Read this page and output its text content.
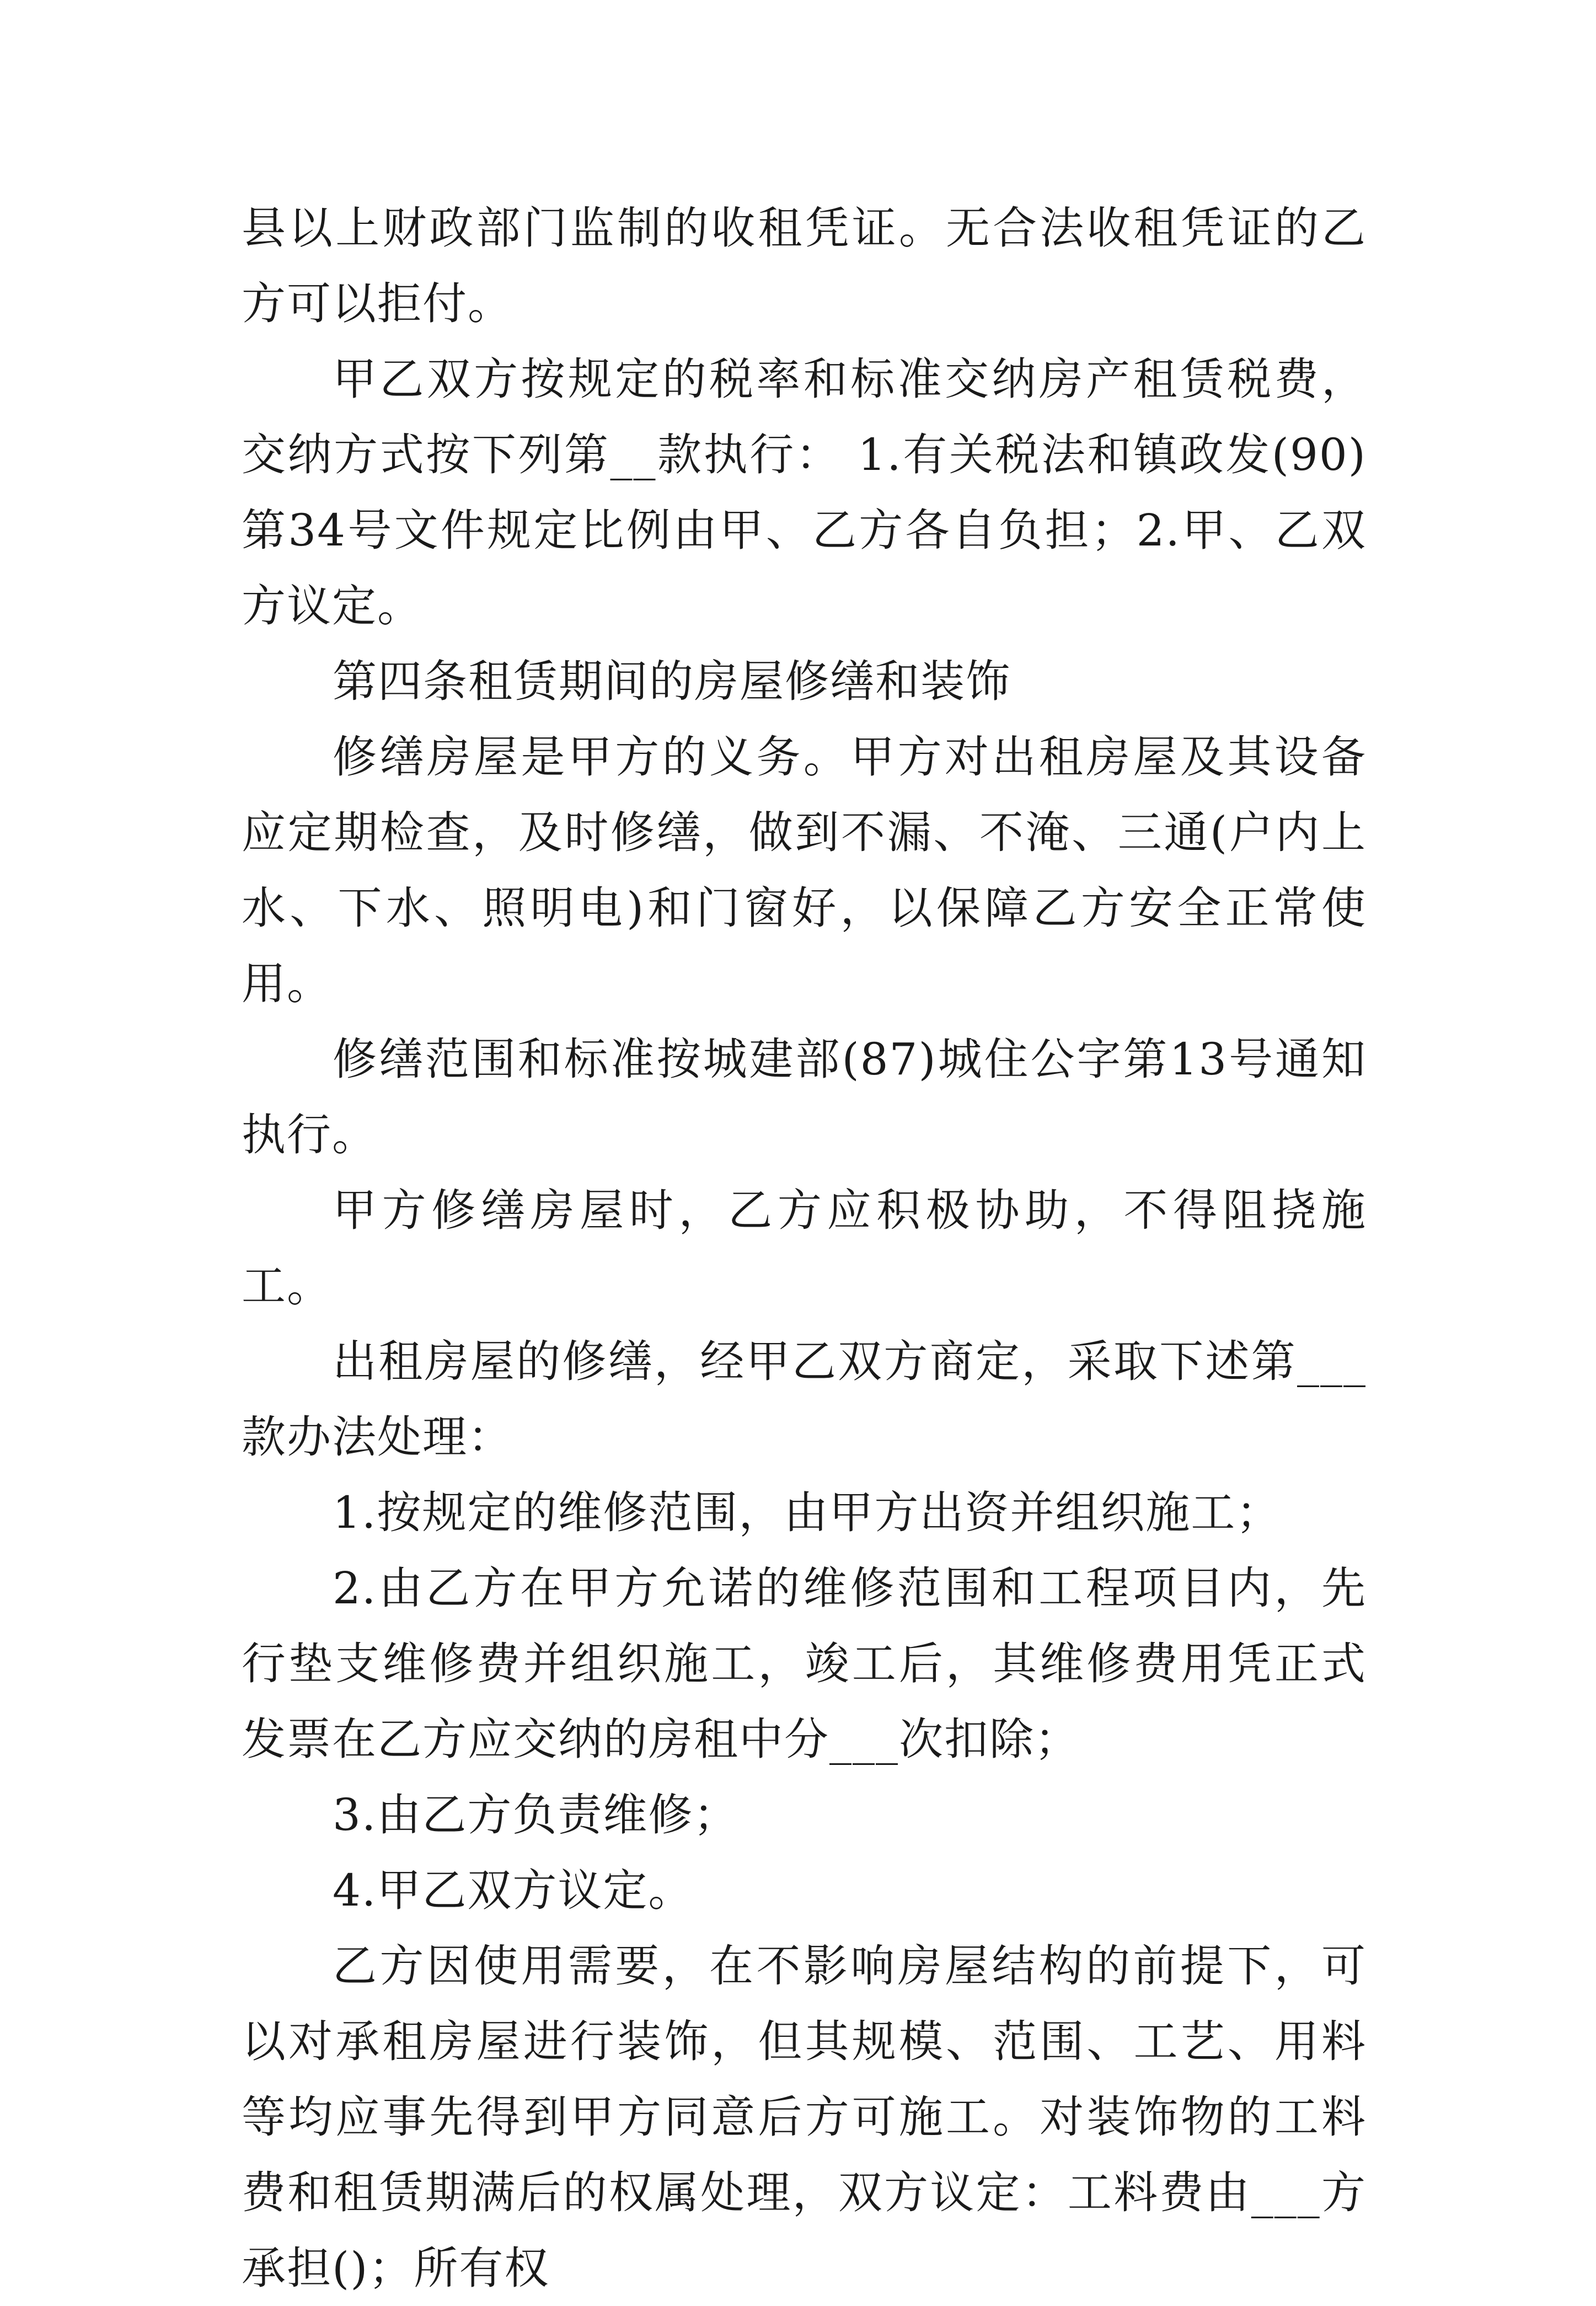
县以上财政部门监制的收租凭证。无合法收租凭证的乙方可以拒付。

甲乙双方按规定的税率和标准交纳房产租赁税费，交纳方式按下列第__款执行： 1.有关税法和镇政发(90)第34号文件规定比例由甲、乙方各自负担；2.甲、乙双方议定。

第四条租赁期间的房屋修缮和装饰

修缮房屋是甲方的义务。甲方对出租房屋及其设备应定期检查，及时修缮，做到不漏、不淹、三通(户内上水、下水、照明电)和门窗好，以保障乙方安全正常使用。

修缮范围和标准按城建部(87)城住公字第13号通知执行。

甲方修缮房屋时，乙方应积极协助，不得阻挠施工。

出租房屋的修缮，经甲乙双方商定，采取下述第___款办法处理：

1.按规定的维修范围，由甲方出资并组织施工；

2.由乙方在甲方允诺的维修范围和工程项目内，先行垫支维修费并组织施工，竣工后，其维修费用凭正式发票在乙方应交纳的房租中分___次扣除；

3.由乙方负责维修；

4.甲乙双方议定。

乙方因使用需要，在不影响房屋结构的前提下，可以对承租房屋进行装饰，但其规模、范围、工艺、用料等均应事先得到甲方同意后方可施工。对装饰物的工料费和租赁期满后的权属处理，双方议定：工料费由___方承担()；所有权
